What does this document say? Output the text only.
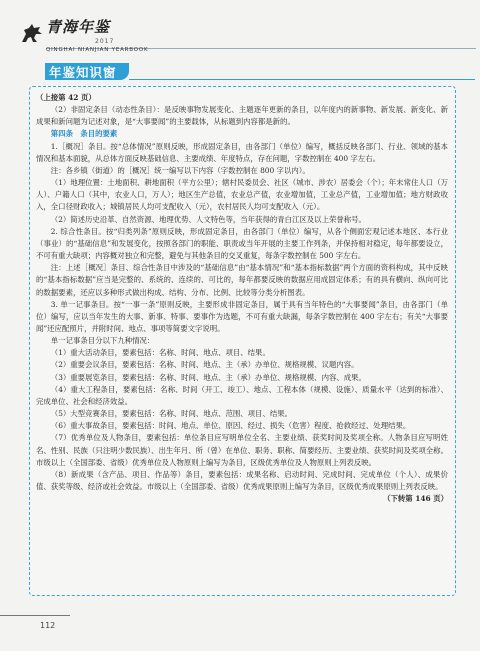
青海年鉴
2017
QINGHAI NIANJIAN YEARBOOK
年鉴知识窗

（上接第 42 页）

（2）非固定条目（动态性条目）：是反映事物发展变化、主题逐年更新的条目，以年度内的新事物、新发展、新变化、新成果和新问题为记述对象，是“大事要闻”的主要载体，从标题到内容都是新的。

第四条　条目的要素

1.［概况］条目。按“总体情况”原则反映，形成固定条目，由各部门（单位）编写，概括反映各部门、行业、领域的基本情况和基本面貌，从总体方面反映基础信息、主要成绩、年度特点，存在问题，字数控制在 400 字左右。

注：各乡镇（街道）的［概况］统一编写以下内容（字数控制在 800 字以内）。

（1）地理位置：土地面积、耕地面积（平方公里）；辖村民委员会、社区（城市、涉农）居委会（个）；年末常住人口（万人）、户籍人口（其中，农业人口，万人）；地区生产总值，农业总产值，农业增加值，工业总产值，工业增加值；地方财政收入，全口径财政收入；城镇居民人均可支配收入（元），农村居民人均可支配收入（元）。

（2）简述历史沿革、自然资源、地理优势、人文特色等，当年获得的青白江区及以上荣誉称号。

2. 综合性条目。按“归类列条”原则反映，形成固定条目，由各部门（单位）编写，从各个侧面宏观记述本地区、本行业（事业）的“基础信息”和发展变化，按照各部门的职能、职责或当年开展的主要工作列条，并保持相对稳定，每年都要设立，不可有重大缺项；内容概对独立和完整，避免与其他条目的交叉重复，每条字数控制在 500 字左右。

注：上述［概况］条目、综合性条目中涉及的“基础信息”由“基本情况”和“基本指标数据”两个方面的资料构成，其中反映的“基本指标数据”应当是完整的、系统的、连续的、可比的，每年都要反映的数据应用成固定体系；有的具有横向、纵向可比的数据要素，还应以多种形式做出构成、结构、分布、比例、比较等分类分析图表。

3. 单一记事条目。按“一事一条”原则反映，主要形成非固定条目，属于具有当年特色的“大事要闻”条目，由各部门（单位）编写，应以当年发生的大事、新事、特事、要事作为选题，不可有重大缺漏，每条字数控制在 400 字左右；有关“大事要闻”还应配照片，并附时间、地点、事项等简要文字说明。

单一记事条目分以下九种情况：

（1）重大活动条目，要素包括：名称、时间、地点、项目、结果。

（2）重要会议条目，要素包括：名称、时间、地点、主（承）办单位、规格规模、议题内容。

（3）重要展览条目，要素包括：名称、时间、地点、主（承）办单位、规格规模、内容、成果。

（4）重大工程条目，要素包括：名称、时间（开工、竣工）、地点、工程本体（规模、设施）、质量水平（达到的标准）、完成单位、社会和经济效益。

（5）大型竞赛条目，要素包括：名称、时间、地点、范围、项目、结果。

（6）重大事故条目，要素包括：时间、地点、单位、原因、经过、损失（危害）程度、抢救经过、处理结果。

（7）优秀单位及人物条目，要素包括：单位条目应写明单位全名、主要业绩、获奖时间及奖项全称。人物条目应写明姓名、性别、民族（只注明少数民族）、出生年月、所（曾）在单位、职务、职称、简要经历、主要业绩、获奖时间及奖项全称。市级以上（全国部委、省级）优秀单位及人物原则上编写为条目，区级优秀单位及人物原则上列表反映。

（8）新成果（含产品、项目、作品等）条目，要素包括：成果名称、启动时间、完成时间、完成单位（个人）、成果价值、获奖等级、经济或社会效益。市级以上（全国部委、省级）优秀成果原则上编写为条目，区级优秀成果原则上列表反映。

（下转第 146 页）

112
